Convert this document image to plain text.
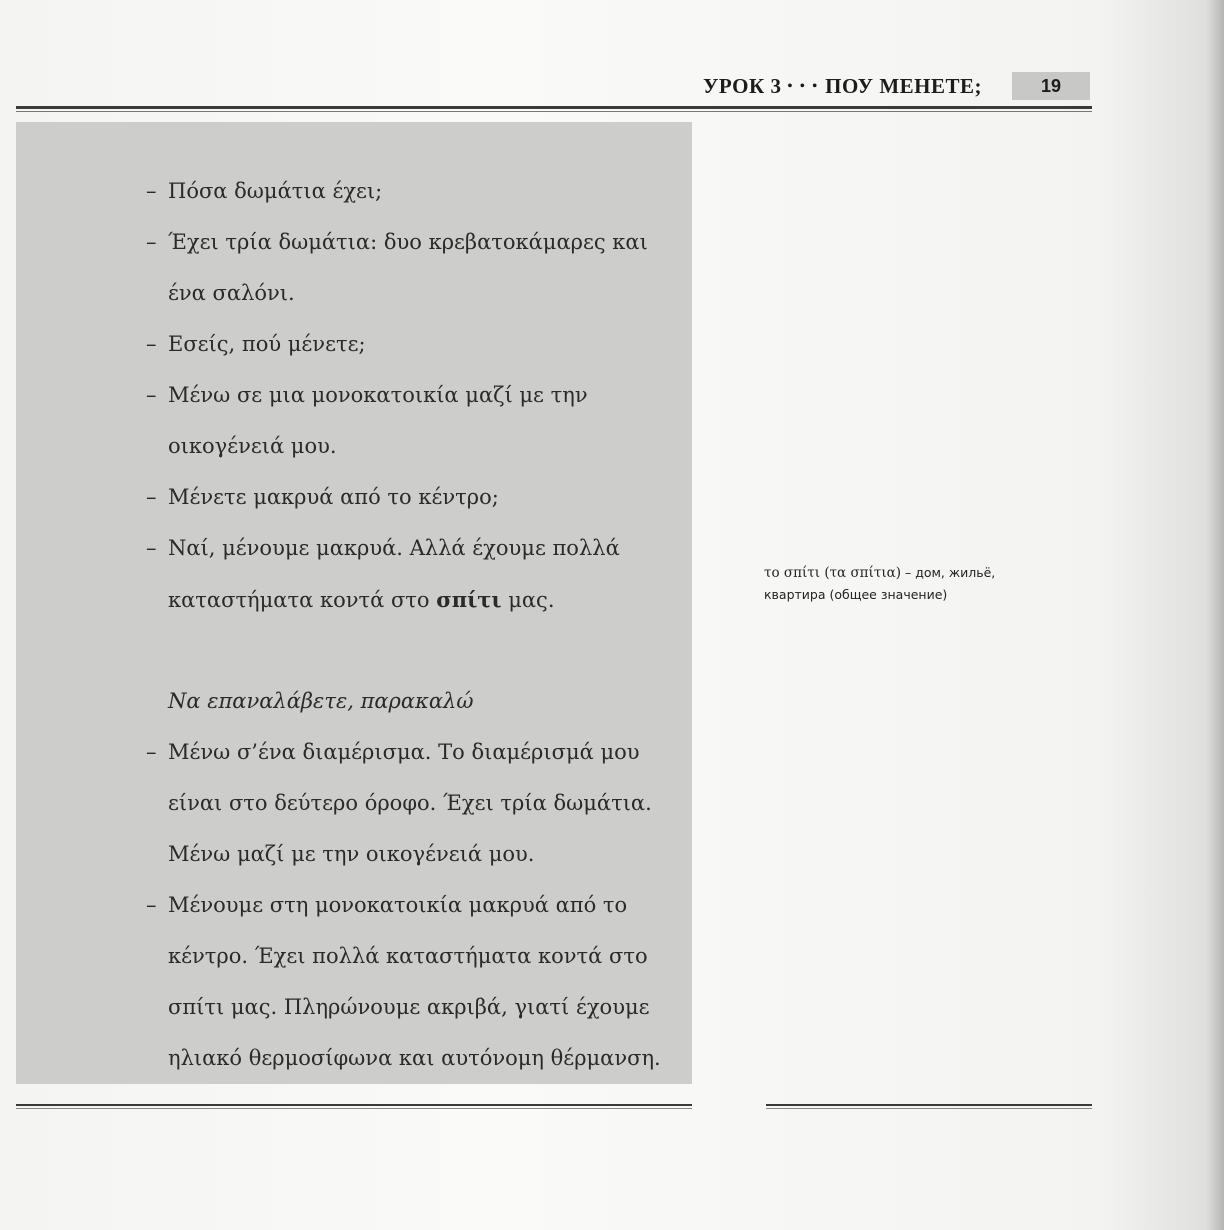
УРОК 3 • • • ПОУ МЕНЕТЕ;	19
– Πόσα δωμάτια έχει;
– Έχει τρία δωμάτια: δυο κρεβατοκάμαρες και
ένα σαλόνι.
– Εσείς, πού μένετε;
– Μένω σε μια μονοκατοικία μαζί με την
οικογένειά μου.
– Μένετε μακρυά από το κέντρο;
– Ναί, μένουμε μακρυά. Αλλά έχουμε πολλά
καταστήματα κοντά στο σπίτι μας.
Να επαναλάβετε, παρακαλώ
– Μένω σ’ένα διαμέρισμα. Το διαμέρισμά μου
είναι στο δεύτερο όροφο. Έχει τρία δωμάτια.
Μένω μαζί με την οικογένειά μου.
– Μένουμε στη μονοκατοικία μακρυά από το
κέντρο. Έχει πολλά καταστήματα κοντά στο
σπίτι μας. Πληρώνουμε ακριβά, γιατί έχουμε
ηλιακό θερμοσίφωνα και αυτόνομη θέρμανση.
το σπίτι (τα σπίτια) – дом, жильё,
квартира (общее значение)
